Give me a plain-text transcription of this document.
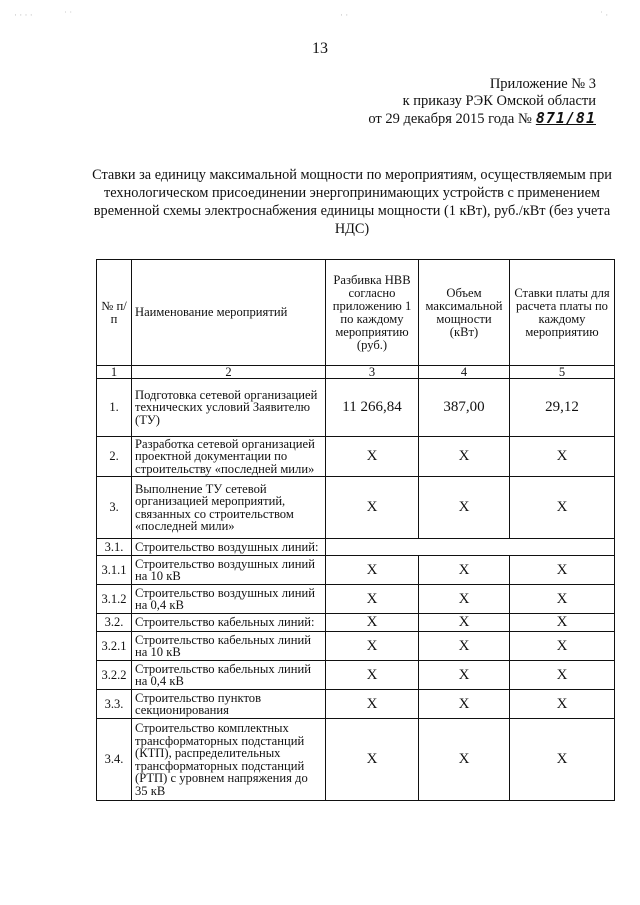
· · · ·	˙ ˙	· ·	˙ ·
13
Приложение № 3
к приказу РЭК Омской области
от 29 декабря 2015 года № 871/81
Ставки за единицу максимальной мощности по мероприятиям, осуществляемым при технологическом присоединении энергопринимающих устройств с применением временной схемы электроснабжения единицы мощности (1 кВт), руб./кВт (без учета НДС)
№ п/п	Наименование мероприятий	Разбивка НВВ согласно приложению 1 по каждому мероприятию (руб.)	Объем максимальной мощности (кВт)	Ставки платы для расчета платы по каждому мероприятию
1	2	3	4	5
1.	Подготовка сетевой организацией технических условий Заявителю (ТУ)	11 266,84	387,00	29,12
2.	Разработка сетевой организацией проектной документации по строительству «последней мили»	X	X	X
3.	Выполнение ТУ сетевой организацией мероприятий, связанных со строительством «последней мили»	X	X	X
3.1.	Строительство воздушных линий:			
3.1.1	Строительство воздушных линий на 10 кВ	X	X	X
3.1.2	Строительство воздушных линий на 0,4 кВ	X	X	X
3.2.	Строительство кабельных линий:	X	X	X
3.2.1	Строительство кабельных линий на 10 кВ	X	X	X
3.2.2	Строительство кабельных линий на 0,4 кВ	X	X	X
3.3.	Строительство пунктов секционирования	X	X	X
3.4.	Строительство комплектных трансформаторных подстанций (КТП), распределительных трансформаторных подстанций (РТП) с уровнем напряжения до 35 кВ	X	X	X
